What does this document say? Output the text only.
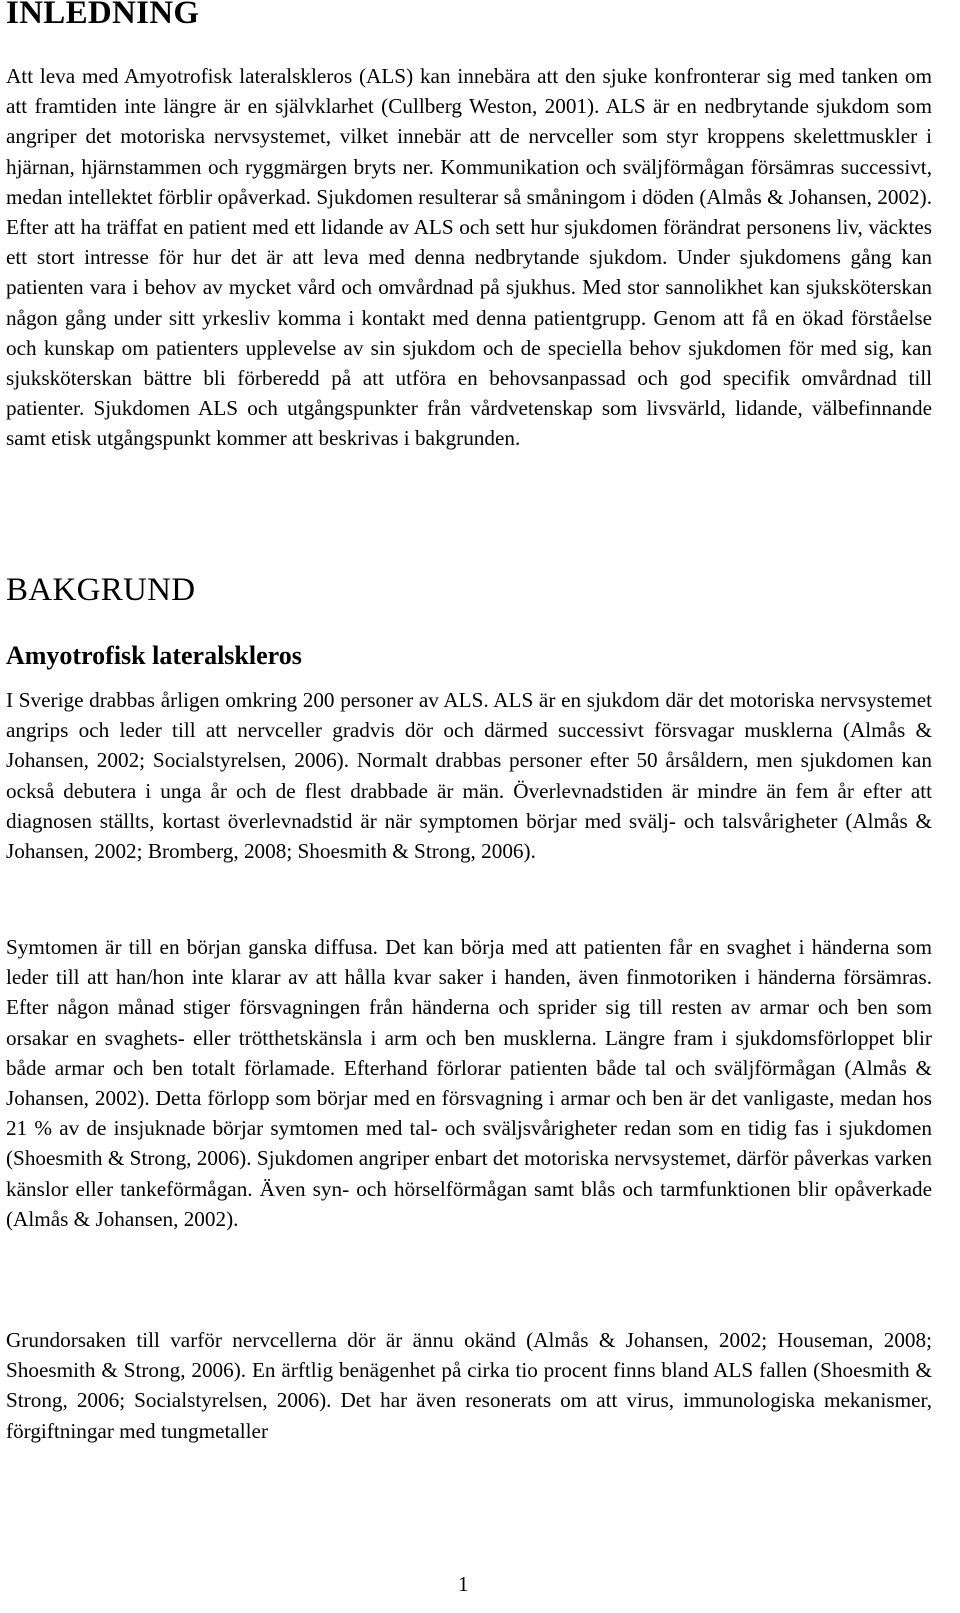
INLEDNING

Att leva med Amyotrofisk lateralskleros (ALS) kan innebära att den sjuke konfronterar sig med tanken om att framtiden inte längre är en självklarhet (Cullberg Weston, 2001). ALS är en nedbrytande sjukdom som angriper det motoriska nervsystemet, vilket innebär att de nervceller som styr kroppens skelettmuskler i hjärnan, hjärnstammen och ryggmärgen bryts ner. Kommunikation och sväljförmågan försämras successivt, medan intellektet förblir opåverkad. Sjukdomen resulterar så småningom i döden (Almås & Johansen, 2002). Efter att ha träffat en patient med ett lidande av ALS och sett hur sjukdomen förändrat personens liv, väcktes ett stort intresse för hur det är att leva med denna nedbrytande sjukdom. Under sjukdomens gång kan patienten vara i behov av mycket vård och omvårdnad på sjukhus. Med stor sannolikhet kan sjuksköterskan någon gång under sitt yrkesliv komma i kontakt med denna patientgrupp. Genom att få en ökad förståelse och kunskap om patienters upplevelse av sin sjukdom och de speciella behov sjukdomen för med sig, kan sjuksköterskan bättre bli förberedd på att utföra en behovsanpassad och god specifik omvårdnad till patienter. Sjukdomen ALS och utgångspunkter från vårdvetenskap som livsvärld, lidande, välbefinnande samt etisk utgångspunkt kommer att beskrivas i bakgrunden.

BAKGRUND
Amyotrofisk lateralskleros

I Sverige drabbas årligen omkring 200 personer av ALS. ALS är en sjukdom där det motoriska nervsystemet angrips och leder till att nervceller gradvis dör och därmed successivt försvagar musklerna (Almås & Johansen, 2002; Socialstyrelsen, 2006). Normalt drabbas personer efter 50 årsåldern, men sjukdomen kan också debutera i unga år och de flest drabbade är män. Överlevnadstiden är mindre än fem år efter att diagnosen ställts, kortast överlevnadstid är när symptomen börjar med svälj- och talsvårigheter (Almås & Johansen, 2002; Bromberg, 2008; Shoesmith & Strong, 2006).

Symtomen är till en början ganska diffusa. Det kan börja med att patienten får en svaghet i händerna som leder till att han/hon inte klarar av att hålla kvar saker i handen, även finmotoriken i händerna försämras. Efter någon månad stiger försvagningen från händerna och sprider sig till resten av armar och ben som orsakar en svaghets- eller trötthetskänsla i arm och ben musklerna. Längre fram i sjukdomsförloppet blir både armar och ben totalt förlamade. Efterhand förlorar patienten både tal och sväljförmågan (Almås & Johansen, 2002). Detta förlopp som börjar med en försvagning i armar och ben är det vanligaste, medan hos 21 % av de insjuknade börjar symtomen med tal- och sväljsvårigheter redan som en tidig fas i sjukdomen (Shoesmith & Strong, 2006). Sjukdomen angriper enbart det motoriska nervsystemet, därför påverkas varken känslor eller tankeförmågan. Även syn- och hörselförmågan samt blås och tarmfunktionen blir opåverkade (Almås & Johansen, 2002).

Grundorsaken till varför nervcellerna dör är ännu okänd (Almås & Johansen, 2002; Houseman, 2008; Shoesmith & Strong, 2006). En ärftlig benägenhet på cirka tio procent finns bland ALS fallen (Shoesmith & Strong, 2006; Socialstyrelsen, 2006). Det har även resonerats om att virus, immunologiska mekanismer, förgiftningar med tungmetaller

1
